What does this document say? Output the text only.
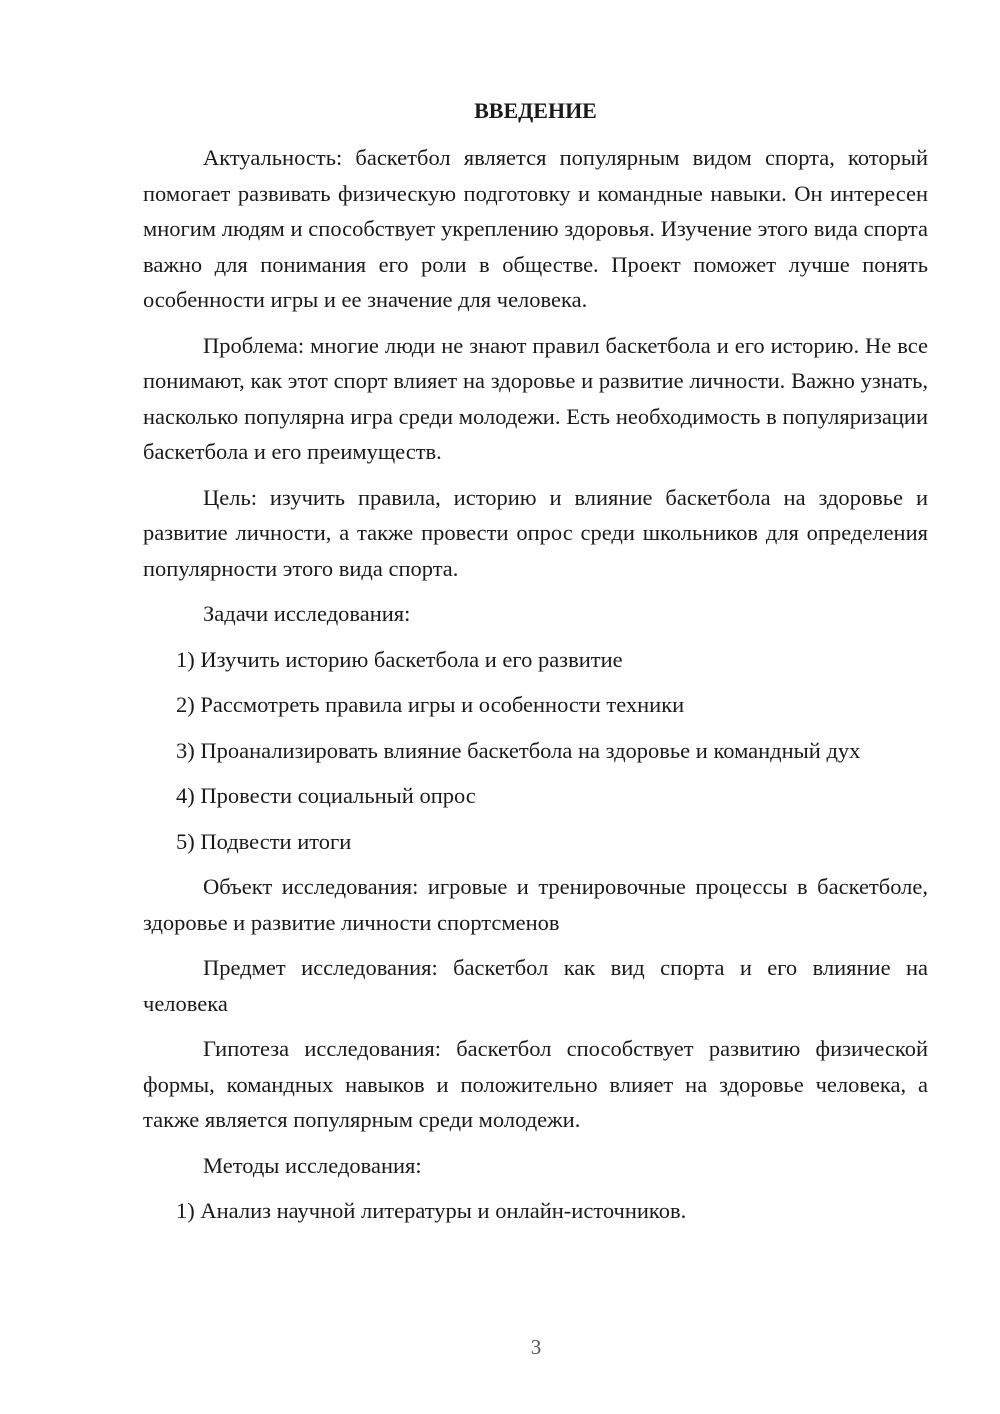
ВВЕДЕНИЕ

Актуальность: баскетбол является популярным видом спорта, который помогает развивать физическую подготовку и командные навыки. Он интересен многим людям и способствует укреплению здоровья. Изучение этого вида спорта важно для понимания его роли в обществе. Проект поможет лучше понять особенности игры и ее значение для человека.

Проблема: многие люди не знают правил баскетбола и его историю. Не все понимают, как этот спорт влияет на здоровье и развитие личности. Важно узнать, насколько популярна игра среди молодежи. Есть необходимость в популяризации баскетбола и его преимуществ.

Цель: изучить правила, историю и влияние баскетбола на здоровье и развитие личности, а также провести опрос среди школьников для определения популярности этого вида спорта.

Задачи исследования:

1) Изучить историю баскетбола и его развитие

2) Рассмотреть правила игры и особенности техники

3) Проанализировать влияние баскетбола на здоровье и командный дух

4) Провести социальный опрос

5) Подвести итоги

Объект исследования: игровые и тренировочные процессы в баскетболе, здоровье и развитие личности спортсменов

Предмет исследования: баскетбол как вид спорта и его влияние на человека

Гипотеза исследования: баскетбол способствует развитию физической формы, командных навыков и положительно влияет на здоровье человека, а также является популярным среди молодежи.

Методы исследования:

1) Анализ научной литературы и онлайн-источников.

3
